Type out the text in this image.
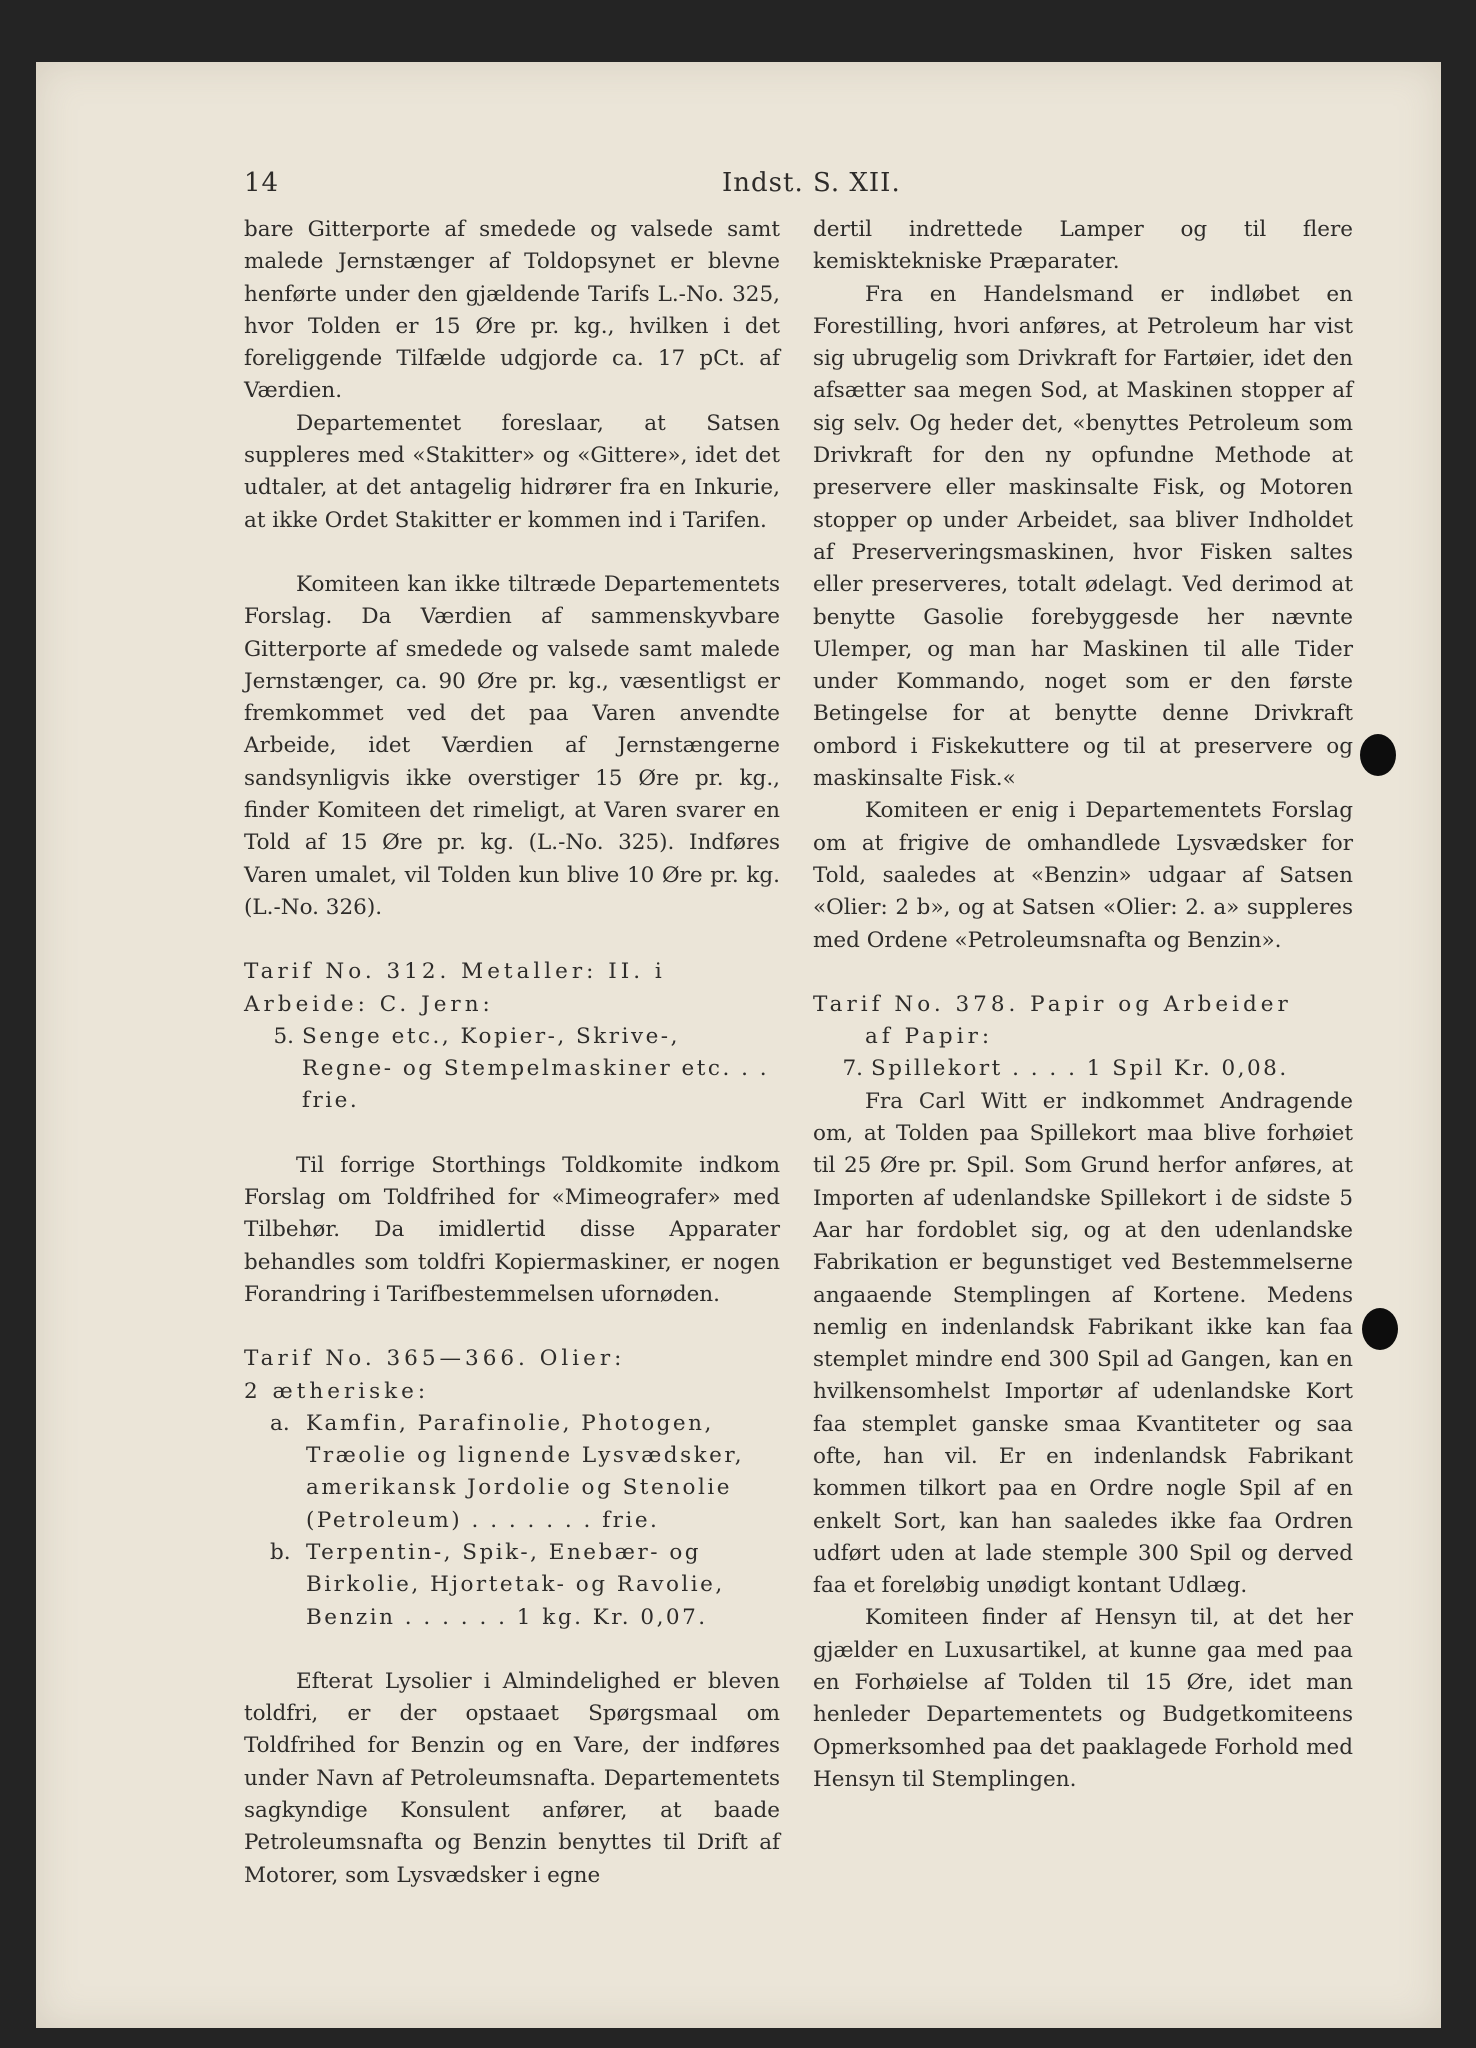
14	Indst. S. XII.

bare Gitterporte af smedede og valsede samt malede Jernstænger af Toldopsynet er blevne henførte under den gjældende Tarifs L.-No. 325, hvor Tolden er 15 Øre pr. kg., hvilken i det foreliggende Tilfælde udgjorde ca. 17 pCt. af Værdien.

Departementet foreslaar, at Satsen suppleres med «Stakitter» og «Gittere», idet det udtaler, at det antagelig hidrører fra en Inkurie, at ikke Ordet Stakitter er kommen ind i Tarifen.

Komiteen kan ikke tiltræde Departementets Forslag. Da Værdien af sammenskyvbare Gitterporte af smedede og valsede samt malede Jernstænger, ca. 90 Øre pr. kg., væsentligst er fremkommet ved det paa Varen anvendte Arbeide, idet Værdien af Jernstængerne sandsynligvis ikke overstiger 15 Øre pr. kg., finder Komiteen det rimeligt, at Varen svarer en Told af 15 Øre pr. kg. (L.-No. 325). Indføres Varen umalet, vil Tolden kun blive 10 Øre pr. kg. (L.-No. 326).

Tarif No. 312. Metaller: II. i Arbeide: C. Jern:

5. Senge etc., Kopier-, Skrive-, Regne- og Stempelmaskiner etc. . . frie.

Til forrige Storthings Toldkomite indkom Forslag om Toldfrihed for «Mimeografer» med Tilbehør. Da imidlertid disse Apparater behandles som toldfri Kopiermaskiner, er nogen Forandring i Tarifbestemmelsen ufornøden.

Tarif No. 365—366. Olier:

2 ætheriske:

a. Kamfin, Parafinolie, Photogen, Træolie og lignende Lysvædsker, amerikansk Jordolie og Stenolie (Petroleum) . . . . . . . frie.
b. Terpentin-, Spik-, Enebær- og Birkolie, Hjortetak- og Ravolie, Benzin . . . . . . 1 kg. Kr. 0,07.

Efterat Lysolier i Almindelighed er bleven toldfri, er der opstaaet Spørgsmaal om Toldfrihed for Benzin og en Vare, der indføres under Navn af Petroleumsnafta. Departementets sagkyndige Konsulent anfører, at baade Petroleumsnafta og Benzin benyttes til Drift af Motorer, som Lysvædsker i egne

dertil indrettede Lamper og til flere kemisktekniske Præparater.

Fra en Handelsmand er indløbet en Forestilling, hvori anføres, at Petroleum har vist sig ubrugelig som Drivkraft for Fartøier, idet den afsætter saa megen Sod, at Maskinen stopper af sig selv. Og heder det, «benyttes Petroleum som Drivkraft for den ny opfundne Methode at preservere eller maskinsalte Fisk, og Motoren stopper op under Arbeidet, saa bliver Indholdet af Preserveringsmaskinen, hvor Fisken saltes eller preserveres, totalt ødelagt. Ved derimod at benytte Gasolie forebyggesde her nævnte Ulemper, og man har Maskinen til alle Tider under Kommando, noget som er den første Betingelse for at benytte denne Drivkraft ombord i Fiskekuttere og til at preservere og maskinsalte Fisk.«

Komiteen er enig i Departementets Forslag om at frigive de omhandlede Lysvædsker for Told, saaledes at «Benzin» udgaar af Satsen «Olier: 2 b», og at Satsen «Olier: 2. a» suppleres med Ordene «Petroleumsnafta og Benzin».

Tarif No. 378. Papir og Arbeider

af Papir:

7. Spillekort . . . . 1 Spil Kr. 0,08.

Fra Carl Witt er indkommet Andragende om, at Tolden paa Spillekort maa blive forhøiet til 25 Øre pr. Spil. Som Grund herfor anføres, at Importen af udenlandske Spillekort i de sidste 5 Aar har fordoblet sig, og at den udenlandske Fabrikation er begunstiget ved Bestemmelserne angaaende Stemplingen af Kortene. Medens nemlig en indenlandsk Fabrikant ikke kan faa stemplet mindre end 300 Spil ad Gangen, kan en hvilkensomhelst Importør af udenlandske Kort faa stemplet ganske smaa Kvantiteter og saa ofte, han vil. Er en indenlandsk Fabrikant kommen tilkort paa en Ordre nogle Spil af en enkelt Sort, kan han saaledes ikke faa Ordren udført uden at lade stemple 300 Spil og derved faa et foreløbig unødigt kontant Udlæg.

Komiteen finder af Hensyn til, at det her gjælder en Luxusartikel, at kunne gaa med paa en Forhøielse af Tolden til 15 Øre, idet man henleder Departementets og Budgetkomiteens Opmerksomhed paa det paaklagede Forhold med Hensyn til Stemplingen.
